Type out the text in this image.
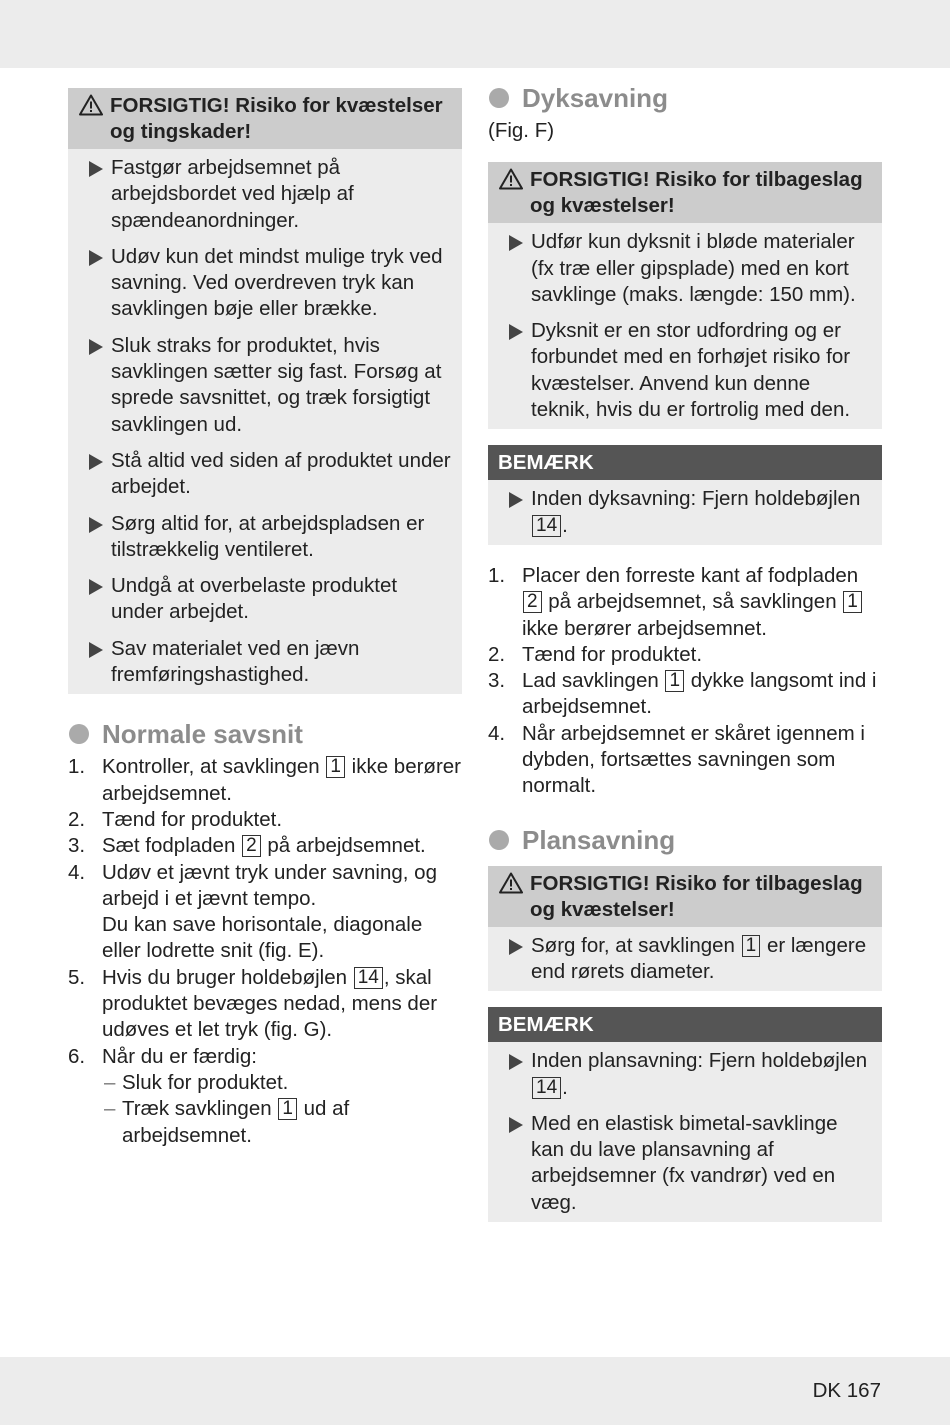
FORSIGTIG! Risiko for kvæstelser og tingskader!
Fastgør arbejdsemnet på arbejdsbordet ved hjælp af spændeanordninger.
Udøv kun det mindst mulige tryk ved savning. Ved overdreven tryk kan savklingen bøje eller brække.
Sluk straks for produktet, hvis savklingen sætter sig fast. Forsøg at sprede savsnittet, og træk forsigtigt savklingen ud.
Stå altid ved siden af produktet under arbejdet.
Sørg altid for, at arbejdspladsen er tilstrækkelig ventileret.
Undgå at overbelaste produktet under arbejdet.
Sav materialet ved en jævn fremføringshastighed.
Normale savsnit
1. Kontroller, at savklingen 1 ikke berører arbejdsemnet.
2. Tænd for produktet.
3. Sæt fodpladen 2 på arbejdsemnet.
4. Udøv et jævnt tryk under savning, og arbejd i et jævnt tempo.
Du kan save horisontale, diagonale eller lodrette snit (fig. E).
5. Hvis du bruger holdebøjlen 14 , skal produktet bevæges nedad, mens der udøves et let tryk (fig. G).
6. Når du er færdig:
– Sluk for produktet.
– Træk savklingen 1 ud af arbejdsemnet.
Dyksavning
(Fig. F)
FORSIGTIG! Risiko for tilbageslag og kvæstelser!
Udfør kun dyksnit i bløde materialer (fx træ eller gipsplade) med en kort savklinge (maks. længde: 150 mm).
Dyksnit er en stor udfordring og er forbundet med en forhøjet risiko for kvæstelser. Anvend kun denne teknik, hvis du er fortrolig med den.
BEMÆRK
Inden dyksavning: Fjern holdebøjlen 14 .
1. Placer den forreste kant af fodpladen 2 på arbejdsemnet, så savklingen 1 ikke berører arbejdsemnet.
2. Tænd for produktet.
3. Lad savklingen 1 dykke langsomt ind i arbejdsemnet.
4. Når arbejdsemnet er skåret igennem i dybden, fortsættes savningen som normalt.
Plansavning
FORSIGTIG! Risiko for tilbageslag og kvæstelser!
Sørg for, at savklingen 1 er længere end rørets diameter.
BEMÆRK
Inden plansavning: Fjern holdebøjlen 14 .
Med en elastisk bimetal-savklinge kan du lave plansavning af arbejdsemner (fx vandrør) ved en væg.
DK 167
